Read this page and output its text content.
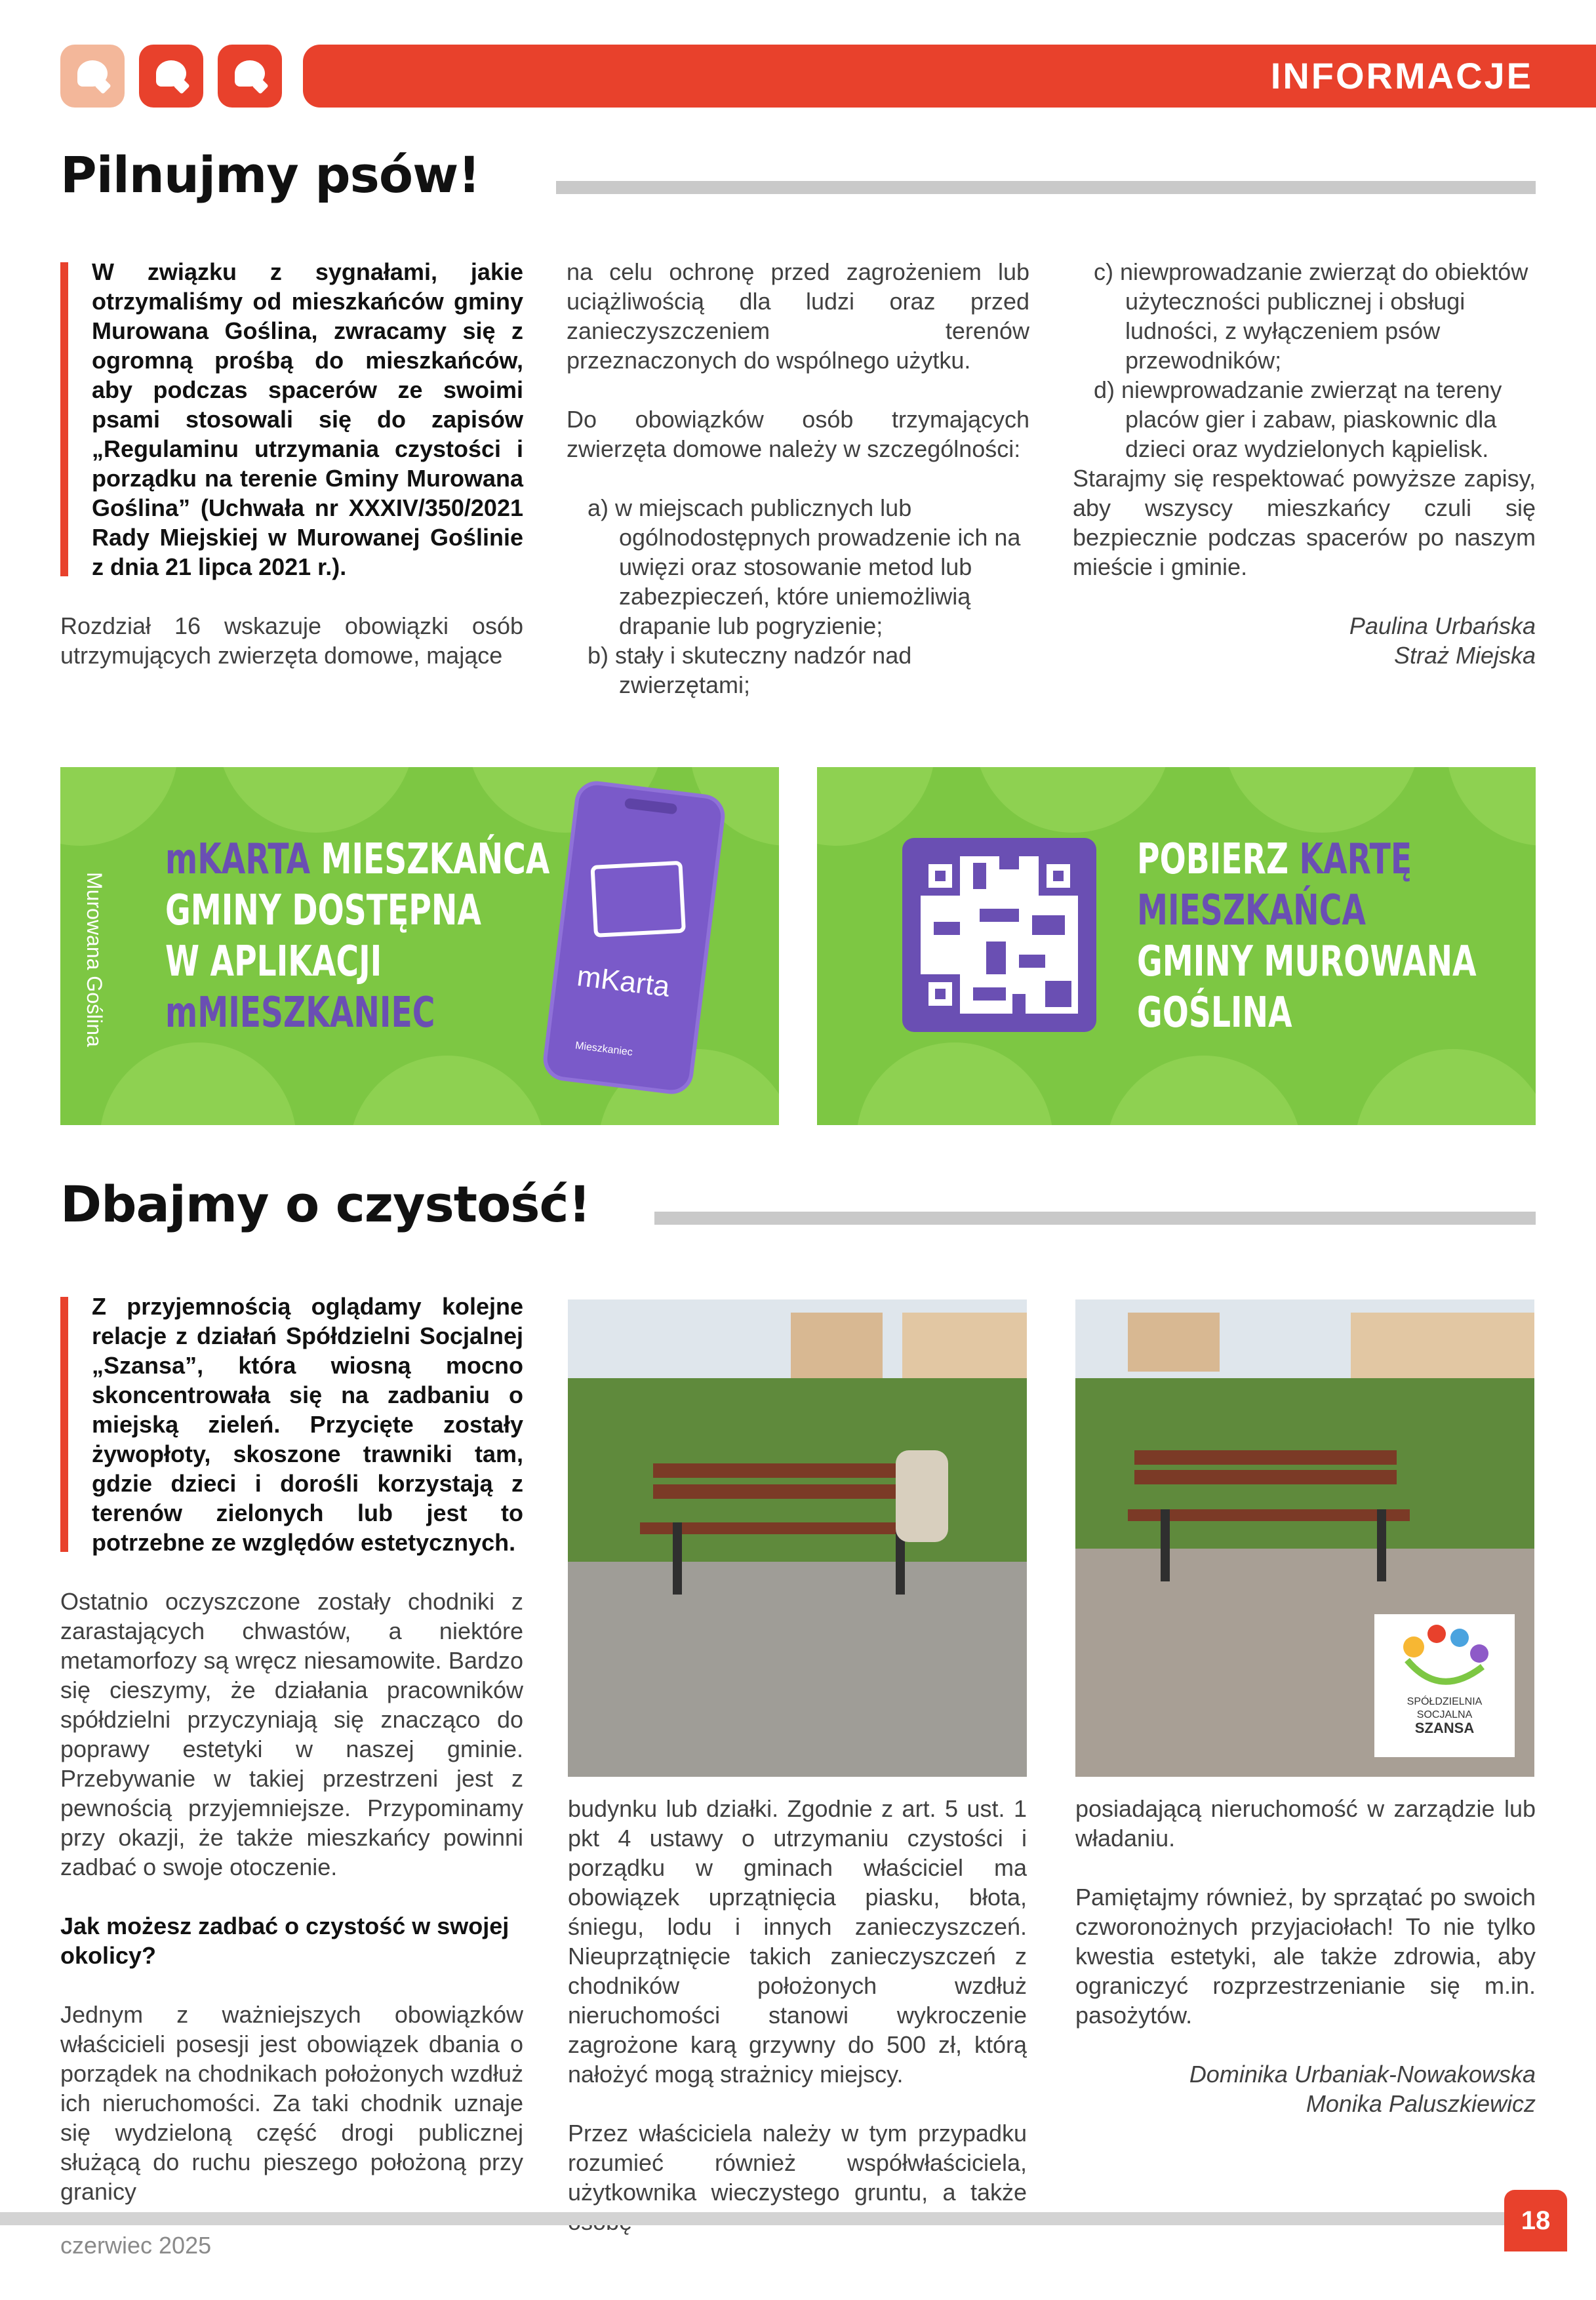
INFORMACJE
Pilnujmy psów!

W związku z sygnałami, jakie otrzymaliśmy od mieszkańców gminy Murowana Goślina, zwracamy się z ogromną prośbą do mieszkańców, aby podczas spacerów ze swoimi psami stosowali się do zapisów „Regulaminu utrzymania czystości i porządku na terenie Gminy Murowana Goślina” (Uchwała nr XXXIV/350/2021 Rady Miejskiej w Murowanej Goślinie z dnia 21 lipca 2021 r.).

Rozdział 16 wskazuje obowiązki osób utrzymujących zwierzęta domowe, mające

na celu ochronę przed zagrożeniem lub uciążliwością dla ludzi oraz przed zanieczyszczeniem terenów przeznaczonych do wspólnego użytku.

Do obowiązków osób trzymających zwierzęta domowe należy w szczególności:

a) w miejscach publicznych lub ogólnodostępnych prowadzenie ich na uwięzi oraz stosowanie metod lub zabezpieczeń, które uniemożliwią drapanie lub pogryzienie;
b) stały i skuteczny nadzór nad zwierzętami;
c) niewprowadzanie zwierząt do obiektów użyteczności publicznej i obsługi ludności, z wyłączeniem psów przewodników;
d) niewprowadzanie zwierząt na tereny placów gier i zabaw, piaskownic dla dzieci oraz wydzielonych kąpielisk.

Starajmy się respektować powyższe zapisy, aby wszyscy mieszkańcy czuli się bezpiecznie podczas spacerów po naszym mieście i gminie.

Paulina Urbańska
Straż Miejska
Murowana Goślina
mKARTA MIESZKAŃCA
GMINY DOSTĘPNA
W APLIKACJI
mMIESZKANIEC
mKarta
Mieszkaniec
POBIERZ KARTĘ
MIESZKAŃCA
GMINY MUROWANA
GOŚLINA
Dbajmy o czystość!

Z przyjemnością oglądamy kolejne relacje z działań Spółdzielni Socjalnej „Szansa”, która wiosną mocno skoncentrowała się na zadbaniu o miejską zieleń. Przycięte zostały żywopłoty, skoszone trawniki tam, gdzie dzieci i dorośli korzystają z terenów zielonych lub jest to potrzebne ze względów estetycznych.

Ostatnio oczyszczone zostały chodniki z zarastających chwastów, a niektóre metamorfozy są wręcz niesamowite. Bardzo się cieszymy, że działania pracowników spółdzielni przyczyniają się znacząco do poprawy estetyki w naszej gminie. Przebywanie w takiej przestrzeni jest z pewnością przyjemniejsze. Przypominamy przy okazji, że także mieszkańcy powinni zadbać o swoje otoczenie.

Jak możesz zadbać o czystość w swojej okolicy?

Jednym z ważniejszych obowiązków właścicieli posesji jest obowiązek dbania o porządek na chodnikach położonych wzdłuż ich nieruchomości. Za taki chodnik uznaje się wydzieloną część drogi publicznej służącą do ruchu pieszego położoną przy granicy

SPÓŁDZIELNIA
SOCJALNA
SZANSA

budynku lub działki. Zgodnie z art. 5 ust. 1 pkt 4 ustawy o utrzymaniu czystości i porządku w gminach właściciel ma obowiązek uprzątnięcia piasku, błota, śniegu, lodu i innych zanieczyszczeń. Nieuprzątnięcie takich zanieczyszczeń z chodników położonych wzdłuż nieruchomości stanowi wykroczenie zagrożone karą grzywny do 500 zł, którą nałożyć mogą strażnicy miejscy.

Przez właściciela należy w tym przypadku rozumieć również współwłaściciela, użytkownika wieczystego gruntu, a także

posiadającą nieruchomość w zarządzie lub władaniu.

Pamiętajmy również, by sprzątać po swoich czworonożnych przyjaciołach! To nie tylko kwestia estetyki, ale także zdrowia, aby ograniczyć rozprzestrzenianie się m.in. pasożytów.

Dominika Urbaniak-Nowakowska
Monika Paluszkiewicz
18
czerwiec 2025
